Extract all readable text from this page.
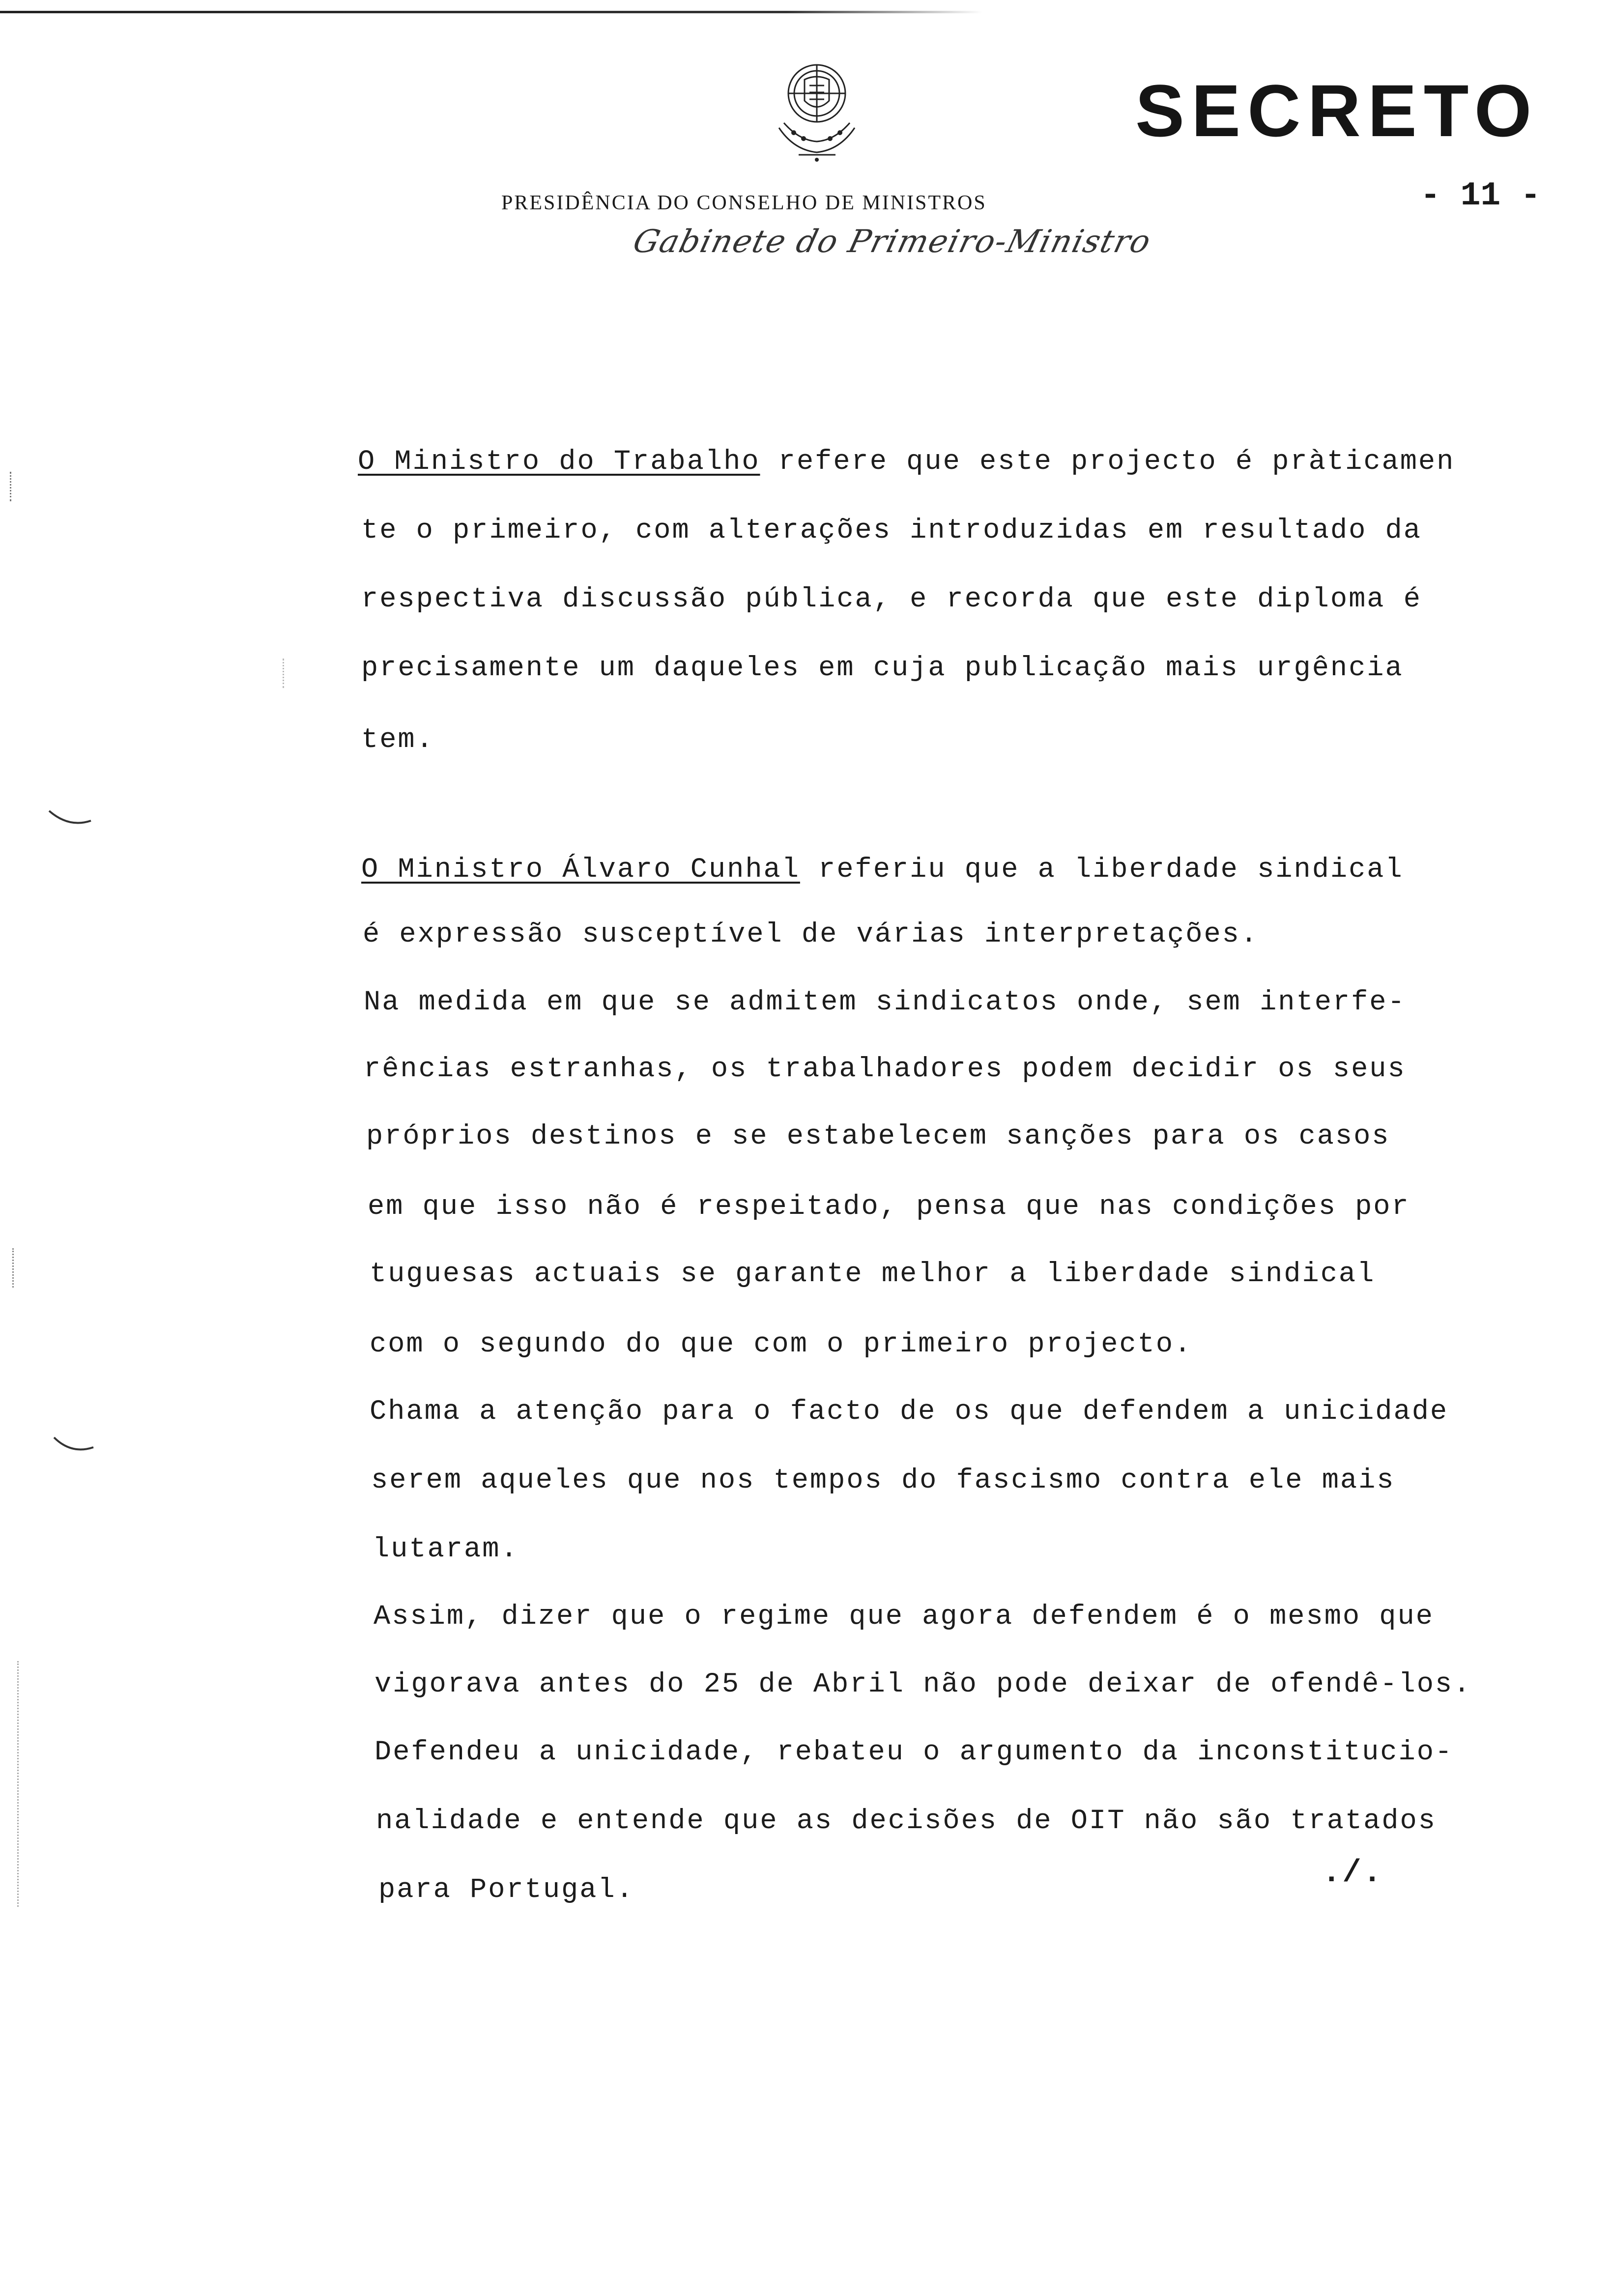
SECRETO
- 11 -
PRESIDÊNCIA DO CONSELHO DE MINISTROS
Gabinete do Primeiro-Ministro
O Ministro do Trabalho refere que este projecto é pràticamen
te o primeiro, com alterações introduzidas em resultado da
respectiva discussão pública, e recorda que este diploma é
precisamente um daqueles em cuja publicação mais urgência
tem.
O Ministro Álvaro Cunhal referiu que a liberdade sindical
é expressão susceptível de várias interpretações.
Na medida em que se admitem sindicatos onde, sem interfe-
rências estranhas, os trabalhadores podem decidir os seus
próprios destinos e se estabelecem sanções para os casos
em que isso não é respeitado, pensa que nas condições por
tuguesas actuais se garante melhor a liberdade sindical
com o segundo do que com o primeiro projecto.
Chama a atenção para o facto de os que defendem a unicidade
serem aqueles que nos tempos do fascismo contra ele mais
lutaram.
Assim, dizer que o regime que agora defendem é o mesmo que
vigorava antes do 25 de Abril não pode deixar de ofendê-los.
Defendeu a unicidade, rebateu o argumento da inconstitucio-
nalidade e entende que as decisões de OIT não são tratados
para Portugal.	./.
